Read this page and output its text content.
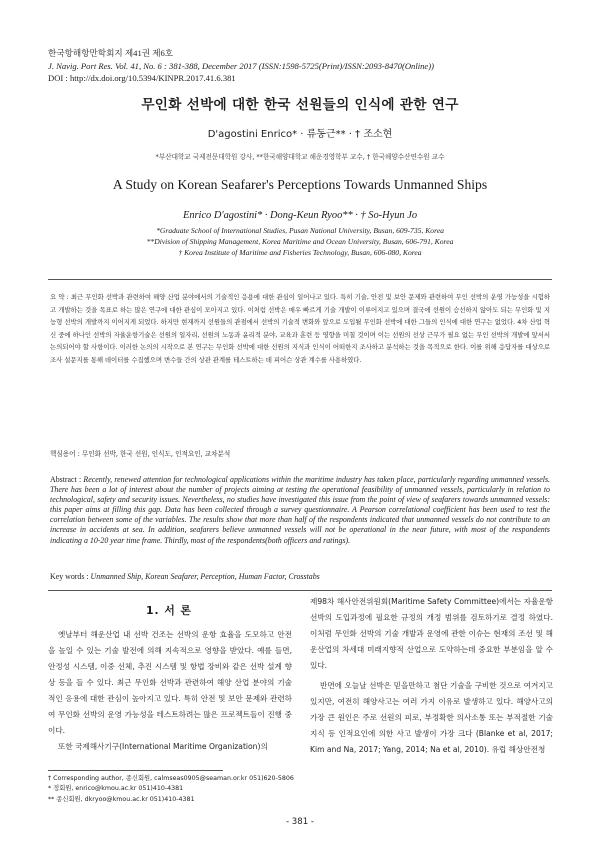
한국항해항만학회지 제41권 제6호
J. Navig. Port Res. Vol. 41, No. 6 : 381-388, December 2017 (ISSN:1598-5725(Print)/ISSN:2093-8470(Online))
DOI : http://dx.doi.org/10.5394/KINPR.2017.41.6.381
무인화 선박에 대한 한국 선원들의 인식에 관한 연구
D'agostini Enrico* · 류동근** · † 조소현
*부산대학교 국제전문대학원 강사, **한국해양대학교 해운경영학부 교수, † 한국해양수산연수원 교수
A Study on Korean Seafarer's Perceptions Towards Unmanned Ships
Enrico D'agostini* · Dong-Keun Ryoo** · † So-Hyun Jo
*Graduate School of International Studies, Pusan National University, Busan, 609-735, Korea
**Division of Shipping Management, Korea Maritime and Ocean University, Busan, 606-791, Korea
† Korea Institute of Maritime and Fisheries Technology, Busan, 606-080, Korea
요 약 : 최근 무인화 선박과 관련하여 해양 산업 분야에서의 기술적인 응용에 대한 관심이 일어나고 있다. 특히 기술, 안전 및 보안 문제와 관련하여 무인 선박의 운영 가능성을 시험하고 개발하는 것을 목표로 하는 많은 연구에 대한 관심이 모아지고 있다. 이처럼 선박은 매우 빠르게 기술 개발이 이루어지고 있으며 결국에 선원이 승선하지 않아도 되는 무인화 및 지능형 선박의 개발까지 이어지게 되었다. 하지만 현재까지 선원들의 관점에서 선박의 기술적 변화와 앞으로 도입될 무인화 선박에 대한 그들의 인식에 대한 연구는 없었다. 4차 산업 혁신 중에 하나인 선박의 자율운항기술은 선원의 일자리, 선원의 노동과 윤리적 분야, 교육과 훈련 등 영향을 미칠 것이며 이는 선원의 선상 근무가 필요 없는 무인 선박의 개발에 앞서서 논의되어야 할 사항이다. 이러한 논의의 시작으로 본 연구는 무인화 선박에 대한 선원의 지식과 인식이 어떠한지 조사하고 분석하는 것을 목적으로 한다. 이를 위해 응답자를 대상으로 조사 설문지를 통해 데이터를 수집했으며 변수들 간의 상관 관계를 테스트하는 데 피어슨 상관 계수를 사용하였다.
핵심용어 : 무인화 선박, 한국 선원, 인식도, 인적요인, 교차분석
Abstract : Recently, renewed attention for technological applications within the maritime industry has taken place, particularly regarding unmanned vessels. There has been a lot of interest about the number of projects aiming at testing the operational feasibility of unmanned vessels, particularly in relation to technological, safety and security issues. Nevertheless, no studies have investigated this issue from the point of view of seafarers towards unmanned vessels: this paper aims at filling this gap. Data has been collected through a survey questionnaire. A Pearson correlational coefficient has been used to test the correlation between some of the variables. The results show that more than half of the respondents indicated that unmanned vessels do not contribute to an increase in accidents at sea. In addition, seafarers believe unmanned vessels will not be operational in the near future, with most of the respondents indicating a 10-20 year time frame. Thirdly, most of the respondents(both officers and ratings).
Key words : Unmanned Ship, Korean Seafarer, Perception, Human Factor, Crosstabs
1. 서 론

옛날부터 해운산업 내 선박 건조는 선박의 운항 효율을 도모하고 안전을 높일 수 있는 기술 발전에 의해 지속적으로 영향을 받았다. 예를 들면, 안정성 시스템, 이중 선체, 추진 시스템 및 항법 장비와 같은 선박 설계 향상 등을 들 수 있다. 최근 무인화 선박과 관련하여 해양 산업 분야의 기술적인 응용에 대한 관심이 높아지고 있다. 특히 안전 및 보안 문제와 관련하여 무인화 선박의 운영 가능성을 테스트하려는 많은 프로젝트들이 진행 중이다.

또한 국제해사기구(International Maritime Organization)의

제98차 해사안전위원회(Maritime Safety Committee)에서는 자율운항선박의 도입과정에 필요한 규정의 개정 범위를 검토하기로 결정 하였다. 이처럼 무인화 선박의 기술 개발과 운영에 관한 이슈는 현재의 조선 및 해운산업의 차세대 미래지향적 산업으로 도약하는데 중요한 부분임을 알 수 있다.

반면에 오늘날 선박은 믿을만하고 첨단 기술을 구비한 것으로 여겨지고 있지만, 여전히 해양사고는 여러 가지 이유로 발생하고 있다. 해양사고의 가장 큰 원인은 주로 선원의 피로, 부정확한 의사소통 또는 부적절한 기술 지식 등 인적요인에 의한 사고 발생이 가장 크다 (Blanke et al, 2017; Kim and Na, 2017; Yang, 2014; Na et al, 2010). 유럽 해상안전청

† Corresponding author, 종신회원, calmseas0905@seaman.or.kr 051)620-5806
* 정회원, enrico@kmou.ac.kr 051)410-4381
** 종신회원, dkryoo@kmou.ac.kr 051)410-4381
- 381 -
